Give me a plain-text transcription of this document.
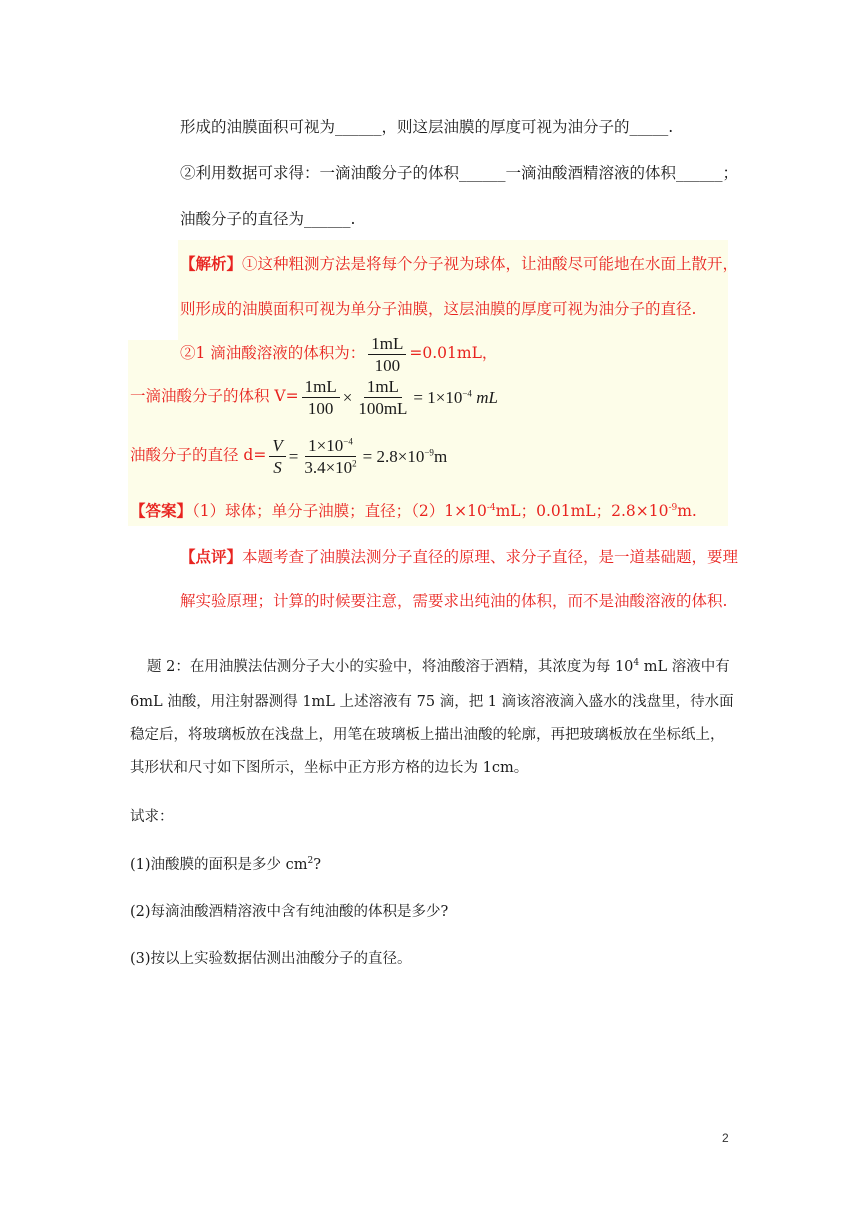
形成的油膜面积可视为______，则这层油膜的厚度可视为油分子的_____.
②利用数据可求得：一滴油酸分子的体积______一滴油酸酒精溶液的体积______；
油酸分子的直径为______.
【解析】①这种粗测方法是将每个分子视为球体，让油酸尽可能地在水面上散开，
则形成的油膜面积可视为单分子油膜，这层油膜的厚度可视为油分子的直径.
②1 滴油酸溶液的体积为： $\frac{1mL}{100} =0.01mL$，
一滴油酸分子的体积 $V= \frac{1mL}{100} \times \frac{1mL}{100mL} = 1\times 10^{-4}$ mL
油酸分子的直径 $d= \frac{V}{S} = \frac{1\times 10^{-4}}{3.4\times 10^2} = 2.8\times 10^{-9}m$
【答案】（1）球体；单分子油膜；直径；$(2)1\times 10^{-4}mL$；0.01mL；$2.8\times 10^{-9}m$.
【点评】本题考查了油膜法测分子直径的原理、求分子直径，是一道基础题，要理
解实验原理；计算的时候要注意，需要求出纯油的体积，而不是油酸溶液的体积.
题 2：在用油膜法估测分子大小的实验中，将油酸溶于酒精，其浓度为每 $10^4$ mL 溶液中有
6mL 油酸，用注射器测得 1mL 上述溶液有 75 滴，把 1 滴该溶液滴入盛水的浅盘里，待水面
稳定后，将玻璃板放在浅盘上，用笔在玻璃板上描出油酸的轮廓，再把玻璃板放在坐标纸上，
其形状和尺寸如下图所示，坐标中正方形方格的边长为 1cm。
试求：
(1)油酸膜的面积是多少 $cm^2$?
(2)每滴油酸酒精溶液中含有纯油酸的体积是多少?
(3)按以上实验数据估测出油酸分子的直径。
2
